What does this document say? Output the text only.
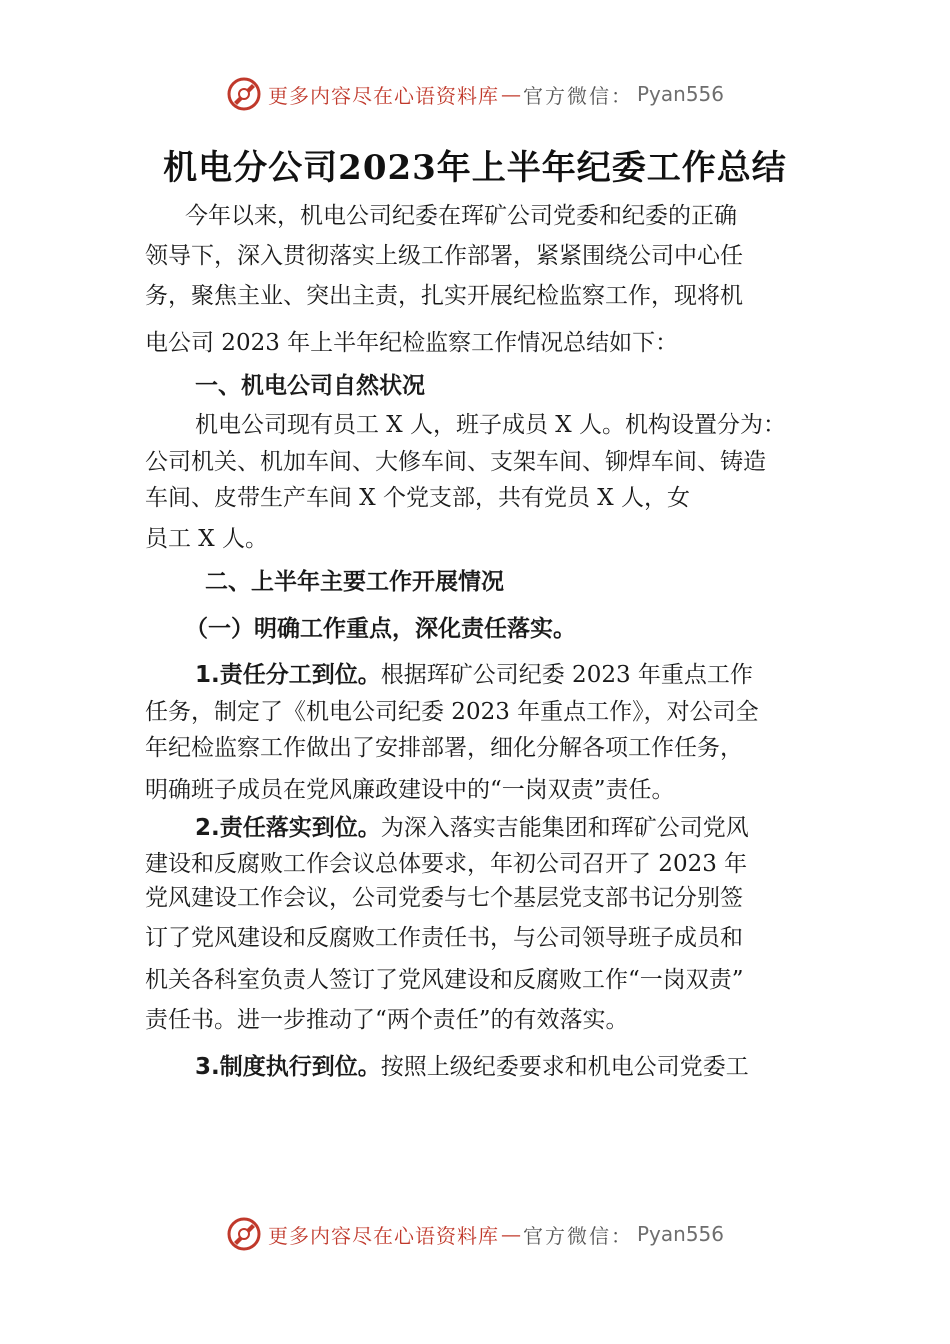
更多内容尽在心语资料库 — 官方微信： Pyan556
机电分公司2023年上半年纪委工作总结
今年以来，机电公司纪委在珲矿公司党委和纪委的正确
领导下，深入贯彻落实上级工作部署，紧紧围绕公司中心任
务，聚焦主业、突出主责，扎实开展纪检监察工作，现将机
电公司 2023 年上半年纪检监察工作情况总结如下：
一、机电公司自然状况
机电公司现有员工 X 人，班子成员 X 人。机构设置分为：
公司机关、机加车间、大修车间、支架车间、铆焊车间、铸造
车间、皮带生产车间 X 个党支部，共有党员 X 人，女
员工 X 人。
二、上半年主要工作开展情况
（一）明确工作重点，深化责任落实。
1.责任分工到位。根据珲矿公司纪委 2023 年重点工作
任务，制定了《机电公司纪委 2023 年重点工作》，对公司全
年纪检监察工作做出了安排部署，细化分解各项工作任务，
明确班子成员在党风廉政建设中的“一岗双责”责任。
2.责任落实到位。为深入落实吉能集团和珲矿公司党风
建设和反腐败工作会议总体要求，年初公司召开了 2023 年
党风建设工作会议，公司党委与七个基层党支部书记分别签
订了党风建设和反腐败工作责任书，与公司领导班子成员和
机关各科室负责人签订了党风建设和反腐败工作“一岗双责”
责任书。进一步推动了“两个责任”的有效落实。
3.制度执行到位。按照上级纪委要求和机电公司党委工
更多内容尽在心语资料库 — 官方微信： Pyan556
